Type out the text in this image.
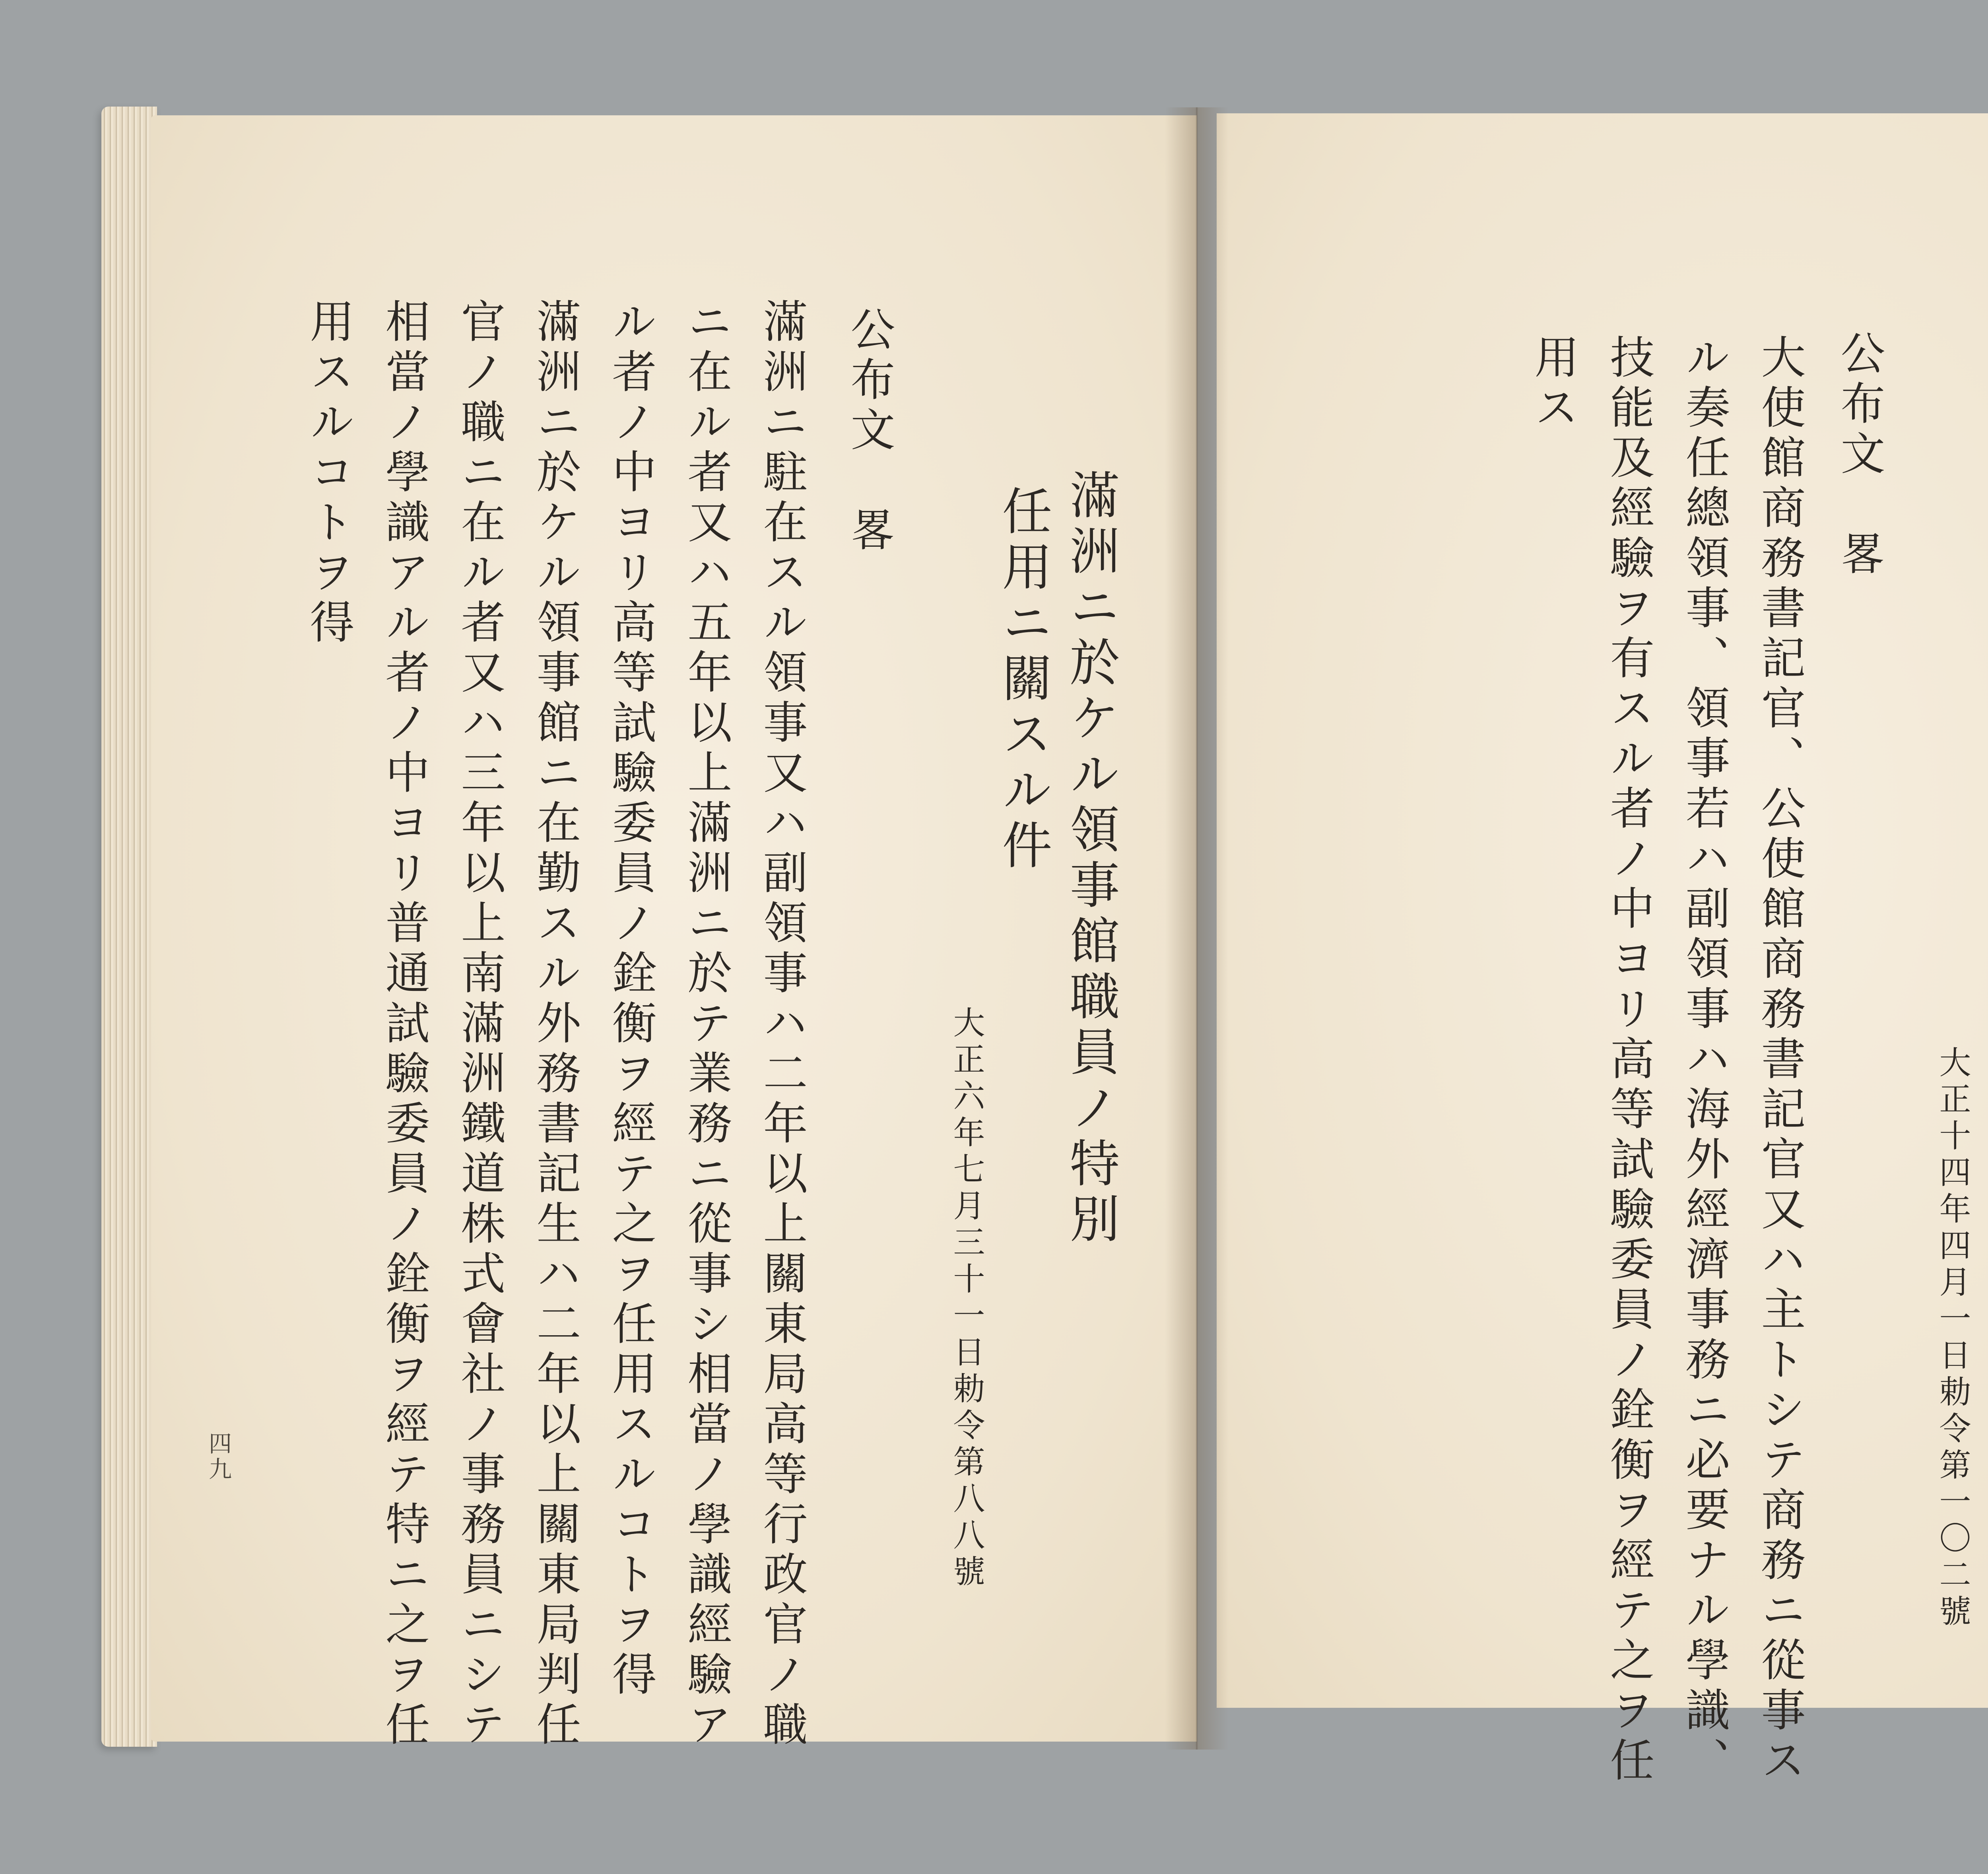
滿洲ニ於ケル領事館職員ノ特別
任用ニ關スル件
大正六年七月三十一日勅令第八八號
公布文　畧
滿洲ニ駐在スル領事又ハ副領事ハ二年以上關東局高等行政官ノ職
ニ在ル者又ハ五年以上滿洲ニ於テ業務ニ從事シ相當ノ學識經驗ア
ル者ノ中ヨリ高等試驗委員ノ銓衡ヲ經テ之ヲ任用スルコトヲ得
滿洲ニ於ケル領事館ニ在勤スル外務書記生ハ二年以上關東局判任
官ノ職ニ在ル者又ハ三年以上南滿洲鐵道株式會社ノ事務員ニシテ
相當ノ學識アル者ノ中ヨリ普通試驗委員ノ銓衡ヲ經テ特ニ之ヲ任
用スルコトヲ得
四九	大正十四年四月一日勅令第一〇二號
公布文　畧
大使館商務書記官、公使館商務書記官又ハ主トシテ商務ニ從事ス
ル奏任總領事、領事若ハ副領事ハ海外經濟事務ニ必要ナル學識、
技能及經驗ヲ有スル者ノ中ヨリ高等試驗委員ノ銓衡ヲ經テ之ヲ任
用ス
